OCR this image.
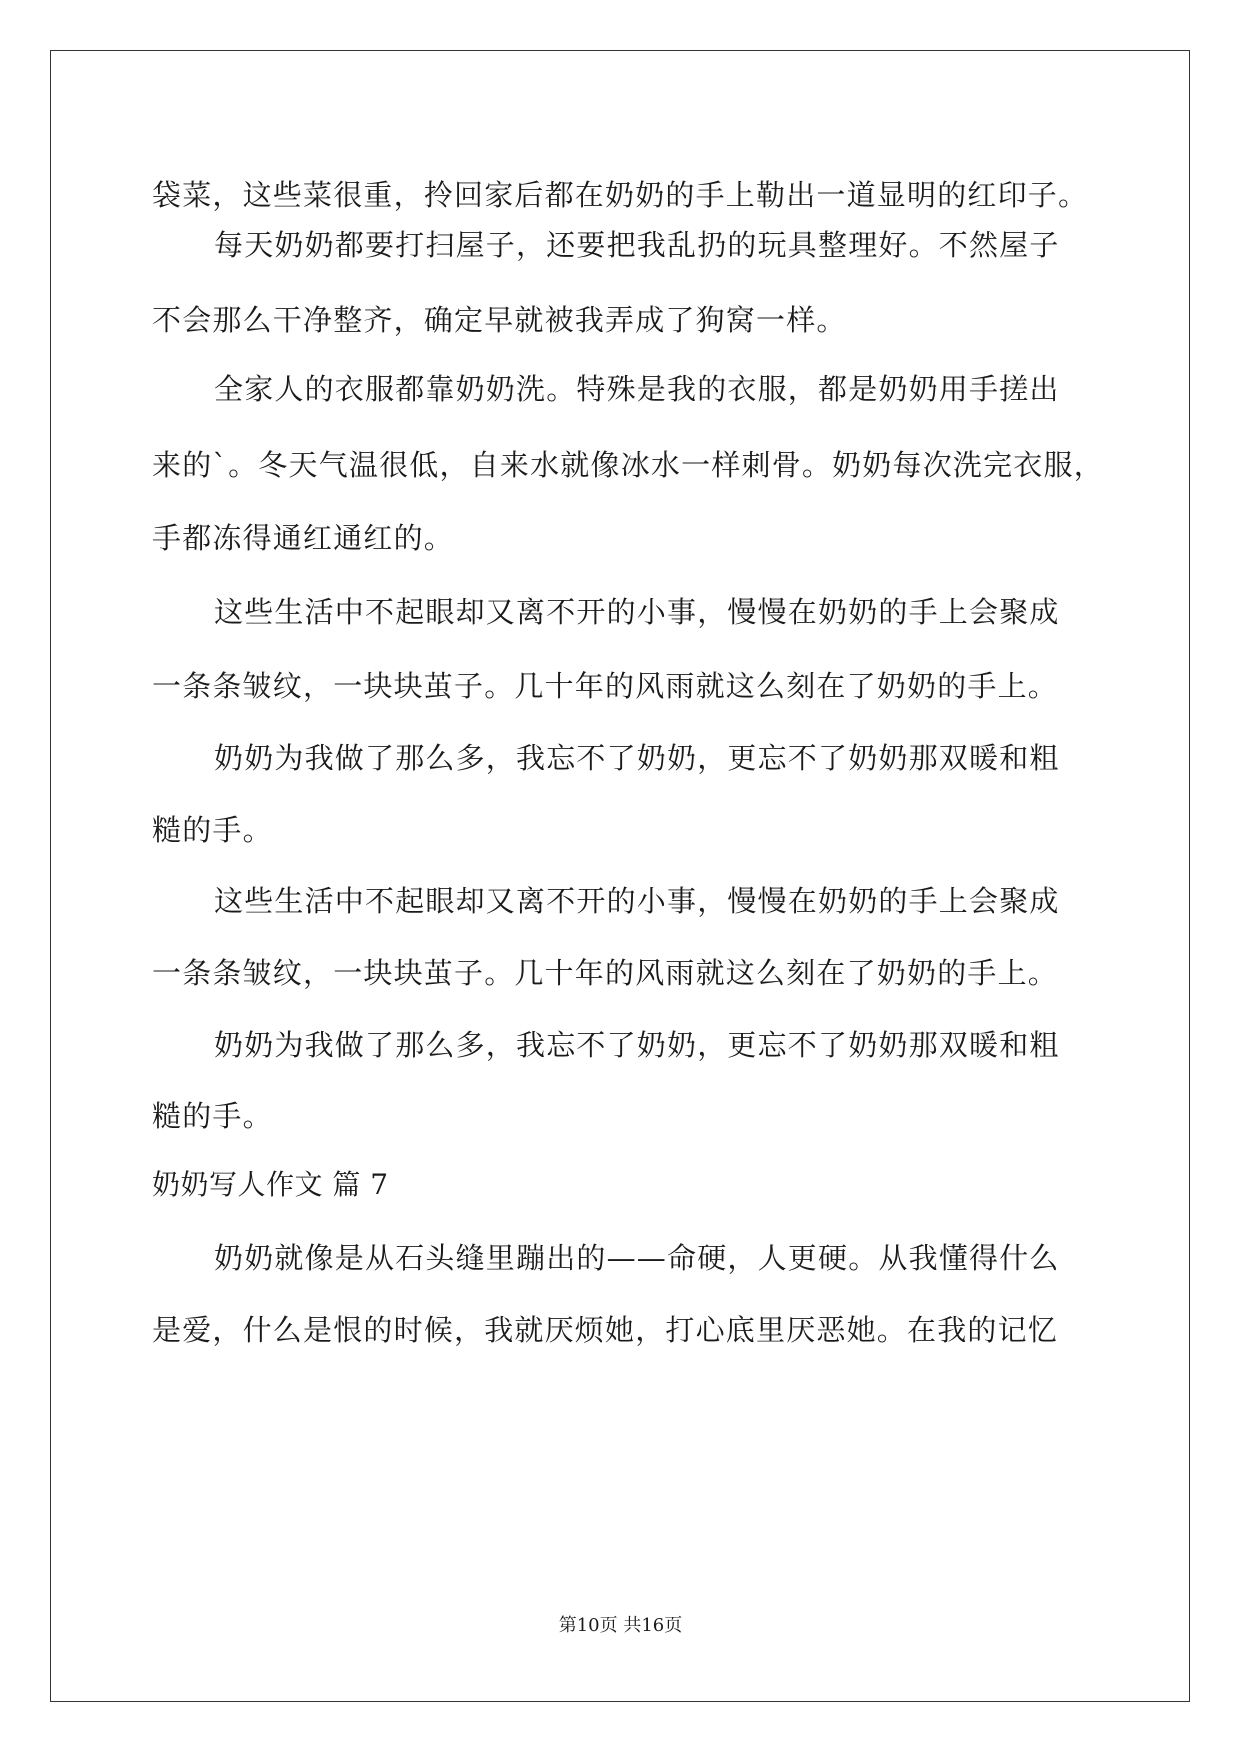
袋菜，这些菜很重，拎回家后都在奶奶的手上勒出一道显明的红印子。

每天奶奶都要打扫屋子，还要把我乱扔的玩具整理好。不然屋子

不会那么干净整齐，确定早就被我弄成了狗窝一样。

全家人的衣服都靠奶奶洗。特殊是我的衣服，都是奶奶用手搓出

来的`。冬天气温很低，自来水就像冰水一样刺骨。奶奶每次洗完衣服，

手都冻得通红通红的。

这些生活中不起眼却又离不开的小事，慢慢在奶奶的手上会聚成

一条条皱纹，一块块茧子。几十年的风雨就这么刻在了奶奶的手上。

奶奶为我做了那么多，我忘不了奶奶，更忘不了奶奶那双暖和粗

糙的手。

这些生活中不起眼却又离不开的小事，慢慢在奶奶的手上会聚成

一条条皱纹，一块块茧子。几十年的风雨就这么刻在了奶奶的手上。

奶奶为我做了那么多，我忘不了奶奶，更忘不了奶奶那双暖和粗

糙的手。

奶奶写人作文 篇 7

奶奶就像是从石头缝里蹦出的——命硬，人更硬。从我懂得什么

是爱，什么是恨的时候，我就厌烦她，打心底里厌恶她。在我的记忆

第10页 共16页
